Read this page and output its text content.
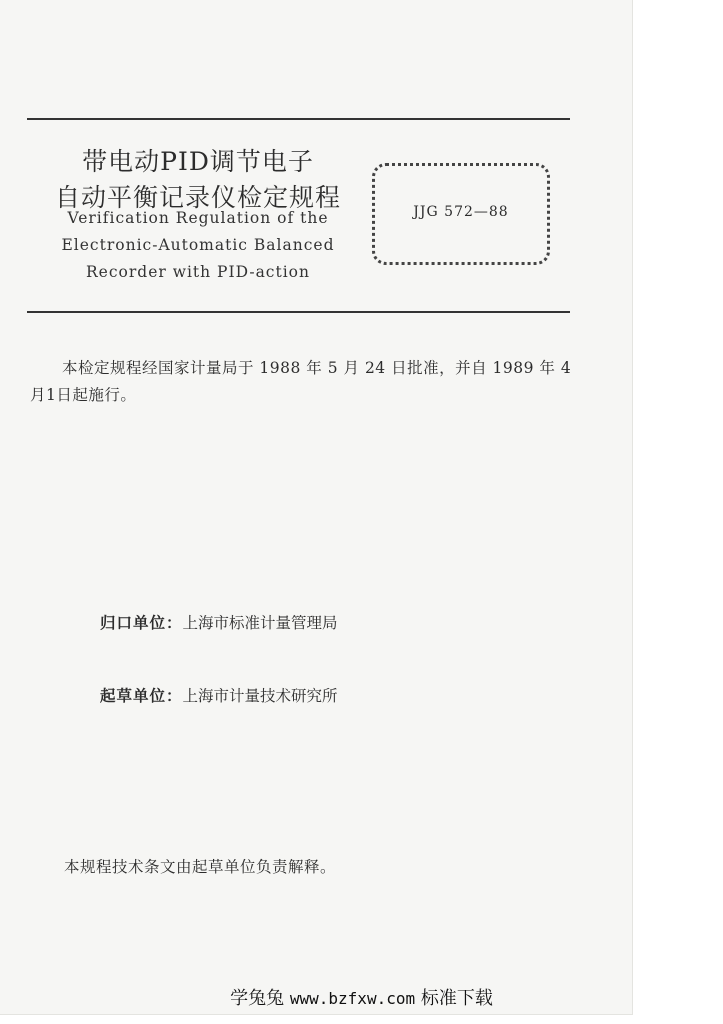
带电动PID调节电子
自动平衡记录仪检定规程
Verification Regulation of the
Electronic-Automatic Balanced
Recorder with PID-action
JJG 572—88
本检定规程经国家计量局于 1988 年 5 月 24 日批准，并自 1989 年 4月1日起施行。
归口单位：上海市标准计量管理局
起草单位：上海市计量技术研究所
本规程技术条文由起草单位负责解释。
学兔兔 www.bzfxw.com 标准下载
